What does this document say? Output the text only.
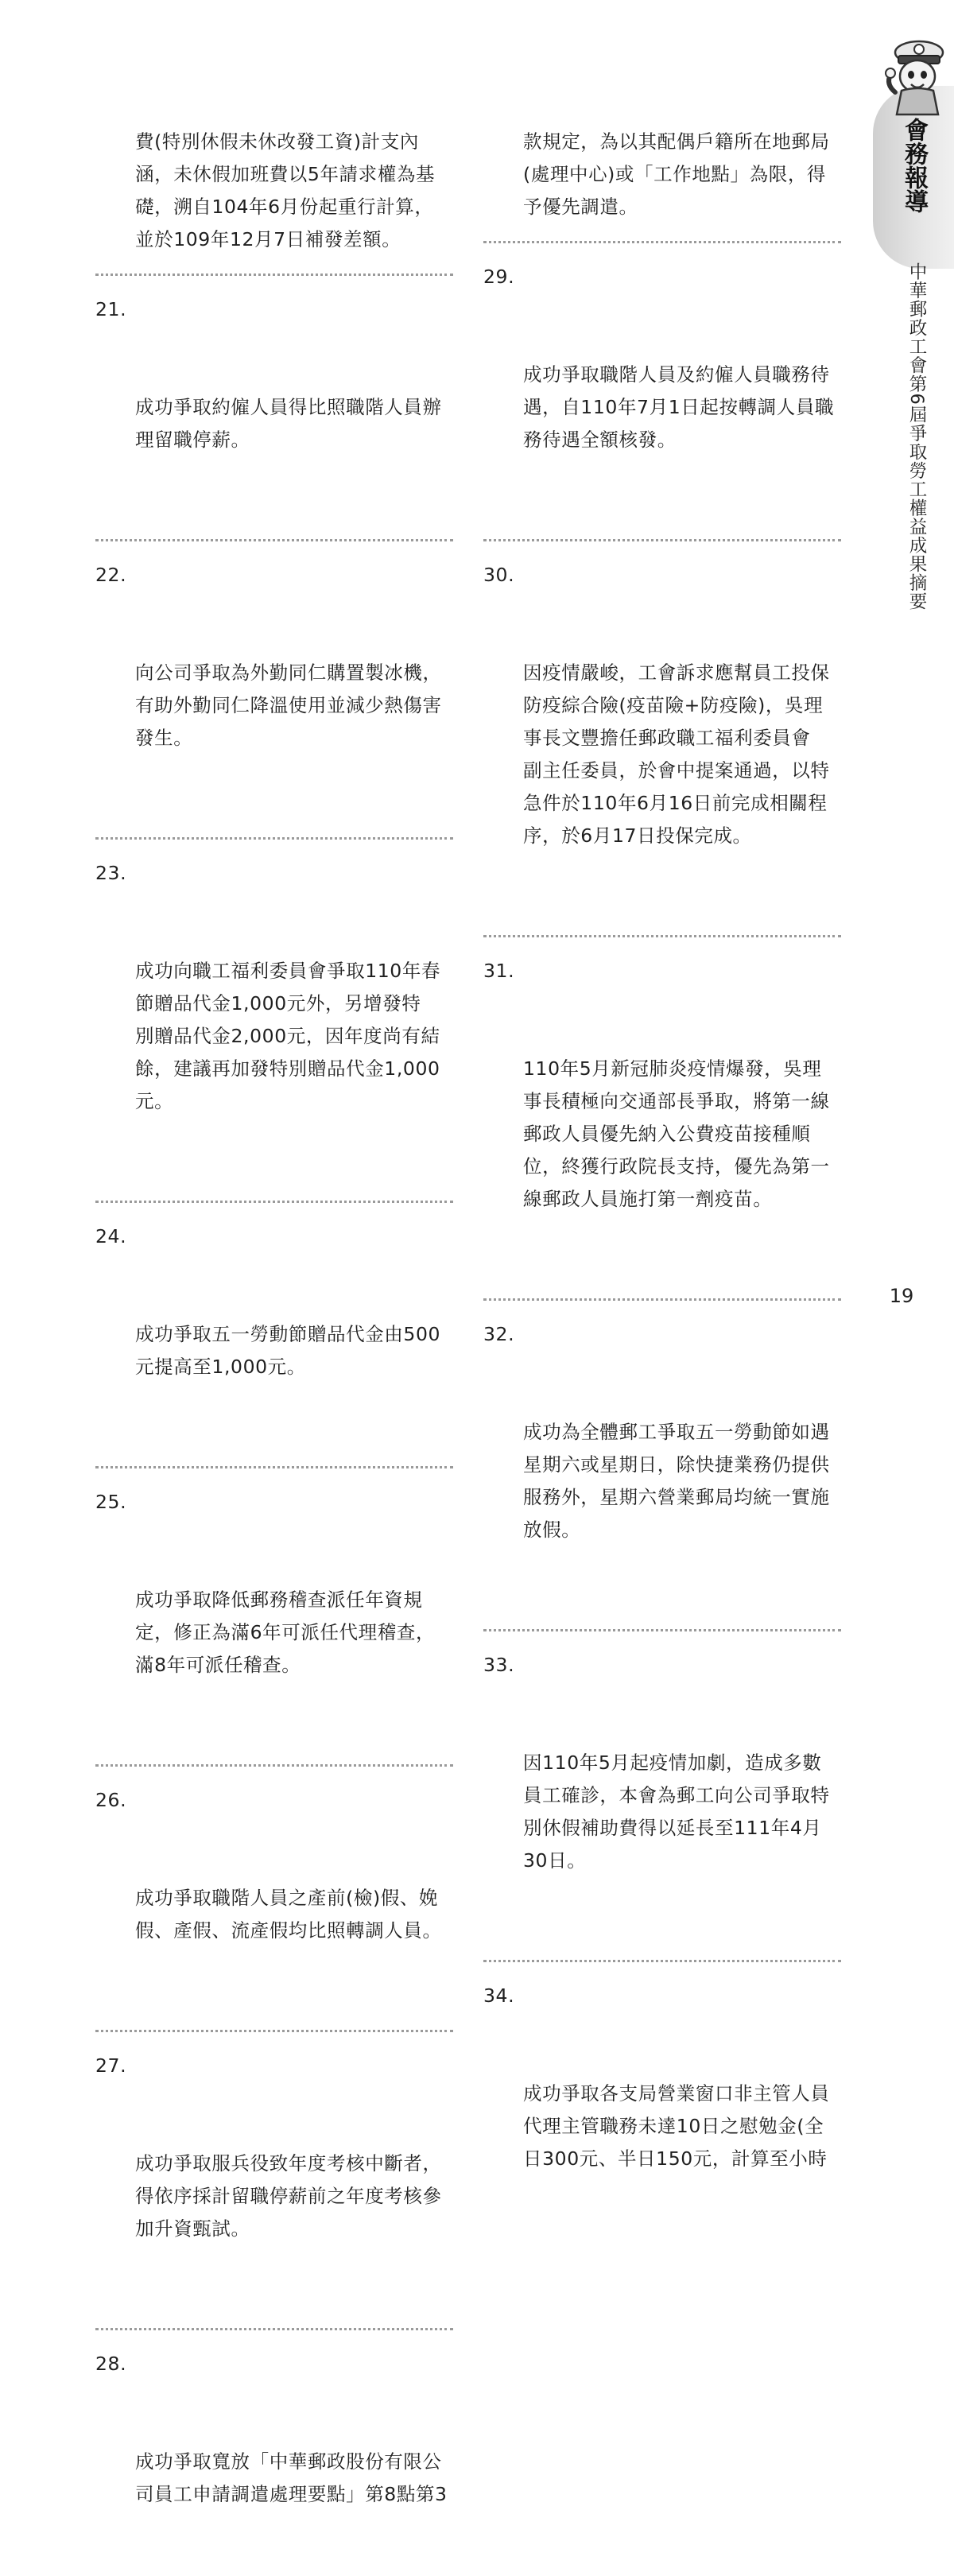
費(特別休假未休改發工資)計支內
涵，未休假加班費以5年請求權為基
礎，溯自104年6月份起重行計算，
並於109年12月7日補發差額。

21.

成功爭取約僱人員得比照職階人員辦
理留職停薪。

22.

向公司爭取為外勤同仁購置製冰機，
有助外勤同仁降溫使用並減少熱傷害
發生。

23.

成功向職工福利委員會爭取110年春
節贈品代金1,000元外，另增發特
別贈品代金2,000元，因年度尚有結
餘，建議再加發特別贈品代金1,000
元。

24.

成功爭取五一勞動節贈品代金由500
元提高至1,000元。

25.

成功爭取降低郵務稽查派任年資規
定，修正為滿6年可派任代理稽查，
滿8年可派任稽查。

26.

成功爭取職階人員之產前(檢)假、娩
假、產假、流產假均比照轉調人員。

27.

成功爭取服兵役致年度考核中斷者，
得依序採計留職停薪前之年度考核參
加升資甄試。

28.

成功爭取寬放「中華郵政股份有限公
司員工申請調遣處理要點」第8點第3

款規定，為以其配偶戶籍所在地郵局
(處理中心)或「工作地點」為限，得
予優先調遣。

29.

成功爭取職階人員及約僱人員職務待
遇，自110年7月1日起按轉調人員職
務待遇全額核發。

30.

因疫情嚴峻，工會訴求應幫員工投保
防疫綜合險(疫苗險+防疫險)，吳理
事長文豐擔任郵政職工福利委員會
副主任委員，於會中提案通過，以特
急件於110年6月16日前完成相關程
序，於6月17日投保完成。

31.

110年5月新冠肺炎疫情爆發，吳理
事長積極向交通部長爭取，將第一線
郵政人員優先納入公費疫苗接種順
位，終獲行政院長支持，優先為第一
線郵政人員施打第一劑疫苗。

32.

成功為全體郵工爭取五一勞動節如遇
星期六或星期日，除快捷業務仍提供
服務外，星期六營業郵局均統一實施
放假。

33.

因110年5月起疫情加劇，造成多數
員工確診，本會為郵工向公司爭取特
別休假補助費得以延長至111年4月
30日。

34.

成功爭取各支局營業窗口非主管人員
代理主管職務未達10日之慰勉金(全
日300元、半日150元，計算至小時

會務報導
中華郵政工會第6屆爭取勞工權益成果摘要
19
